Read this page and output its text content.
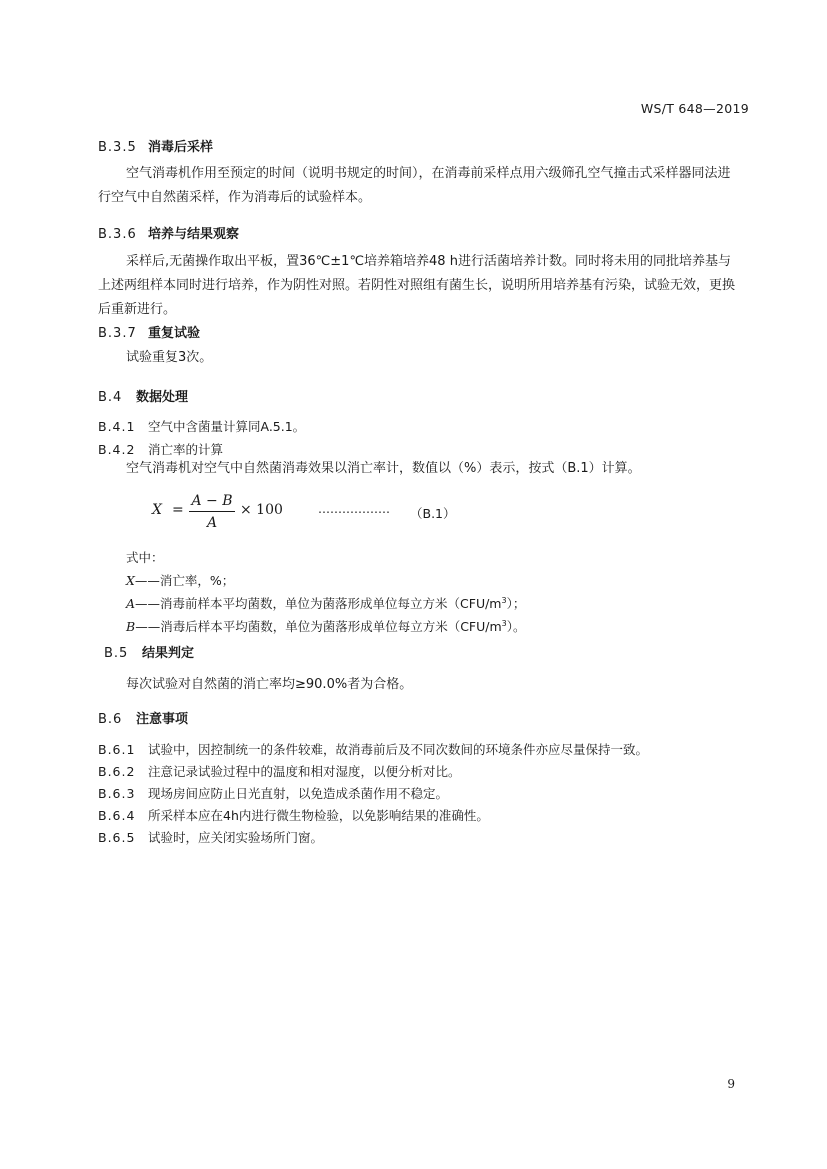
WS/T 648—2019
B.3.5 消毒后采样
空气消毒机作用至预定的时间（说明书规定的时间），在消毒前采样点用六级筛孔空气撞击式采样器同法进行空气中自然菌采样，作为消毒后的试验样本。
B.3.6 培养与结果观察
采样后,无菌操作取出平板，置36℃±1℃培养箱培养48 h进行活菌培养计数。同时将未用的同批培养基与上述两组样本同时进行培养，作为阴性对照。若阴性对照组有菌生长，说明所用培养基有污染，试验无效，更换后重新进行。
B.3.7 重复试验
试验重复3次。
B.4 数据处理
B.4.1 空气中含菌量计算同A.5.1。
B.4.2 消亡率的计算
空气消毒机对空气中自然菌消毒效果以消亡率计，数值以（%）表示，按式（B.1）计算。
X =
A − B
A
× 100	……………… （B.1）
式中：
X——消亡率，%；
A——消毒前样本平均菌数，单位为菌落形成单位每立方米$(CFU/m^3)$；
B——消毒后样本平均菌数，单位为菌落形成单位每立方米$(CFU/m^3)$。
B.5 结果判定
每次试验对自然菌的消亡率均≥90.0%者为合格。
B.6 注意事项
B.6.1 试验中，因控制统一的条件较难，故消毒前后及不同次数间的环境条件亦应尽量保持一致。
B.6.2 注意记录试验过程中的温度和相对湿度，以便分析对比。
B.6.3 现场房间应防止日光直射，以免造成杀菌作用不稳定。
B.6.4 所采样本应在4h内进行微生物检验，以免影响结果的准确性。
B.6.5 试验时，应关闭实验场所门窗。
9
